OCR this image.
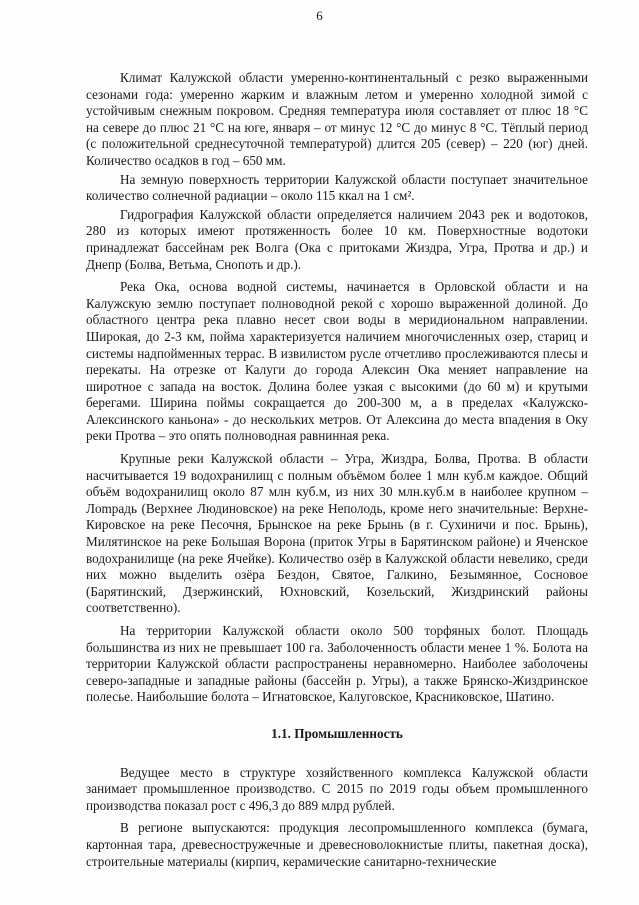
6

Климат Калужской области умеренно-континентальный с резко выраженными сезонами года: умеренно жарким и влажным летом и умеренно холодной зимой с устойчивым снежным покровом. Средняя температура июля составляет от плюс 18 °С на севере до плюс 21 °С на юге, января – от минус 12 °С до минус 8 °С. Тёплый период (с положительной среднесуточной температурой) длится 205 (север) – 220 (юг) дней. Количество осадков в год – 650 мм.

На земную поверхность территории Калужской области поступает значительное количество солнечной радиации – около 115 ккал на 1 см².

Гидрография Калужской области определяется наличием 2043 рек и водотоков, 280 из которых имеют протяженность более 10 км. Поверхностные водотоки принадлежат бассейнам рек Волга (Ока с притоками Жиздра, Угра, Протва и др.) и Днепр (Болва, Ветьма, Снопоть и др.).

Река Ока, основа водной системы, начинается в Орловской области и на Калужскую землю поступает полноводной рекой с хорошо выраженной долиной. До областного центра река плавно несет свои воды в меридиональном направлении. Широкая, до 2-3 км, пойма характеризуется наличием многочисленных озер, стариц и системы надпойменных террас. В извилистом русле отчетливо прослеживаются плесы и перекаты. На отрезке от Калуги до города Алексин Ока меняет направление на широтное с запада на восток. Долина более узкая с высокими (до 60 м) и крутыми берегами. Ширина поймы сокращается до 200-300 м, а в пределах «Калужско-Алексинского каньона» - до нескольких метров. От Алексина до места впадения в Оку реки Протва – это опять полноводная равнинная река.

Крупные реки Калужской области – Угра, Жиздра, Болва, Протва. В области насчитывается 19 водохранилищ с полным объёмом более 1 млн куб.м каждое. Общий объём водохранилищ около 87 млн куб.м, из них 30 млн.куб.м в наиболее крупном – Лompадь (Верхнее Людиновское) на реке Неполодь, кроме него значительные: Верхне-Кировское на реке Песочня, Брынское на реке Брынь (в г. Сухиничи и пос. Брынь), Милятинское на реке Большая Ворона (приток Угры в Барятинском районе) и Яченское водохранилище (на реке Ячейке). Количество озёр в Калужской области невелико, среди них можно выделить озёра Бездон, Святое, Галкино, Безымянное, Сосновое (Барятинский, Дзержинский, Юхновский, Козельский, Жиздринский районы соответственно).

На территории Калужской области около 500 торфяных болот. Площадь большинства из них не превышает 100 га. Заболоченность области менее 1 %. Болота на территории Калужской области распространены неравномерно. Наиболее заболочены северо-западные и западные районы (бассейн р. Угры), а также Брянско-Жиздринское полесье. Наибольшие болота – Игнатовское, Калуговское, Красниковское, Шатино.

1.1. Промышленность

Ведущее место в структуре хозяйственного комплекса Калужской области занимает промышленное производство. С 2015 по 2019 годы объем промышленного производства показал рост с 496,3 до 889 млрд рублей.

В регионе выпускаются: продукция лесопромышленного комплекса (бумага, картонная тара, древесностружечные и древесноволокнистые плиты, пакетная доска), строительные материалы (кирпич, керамические санитарно-технические
